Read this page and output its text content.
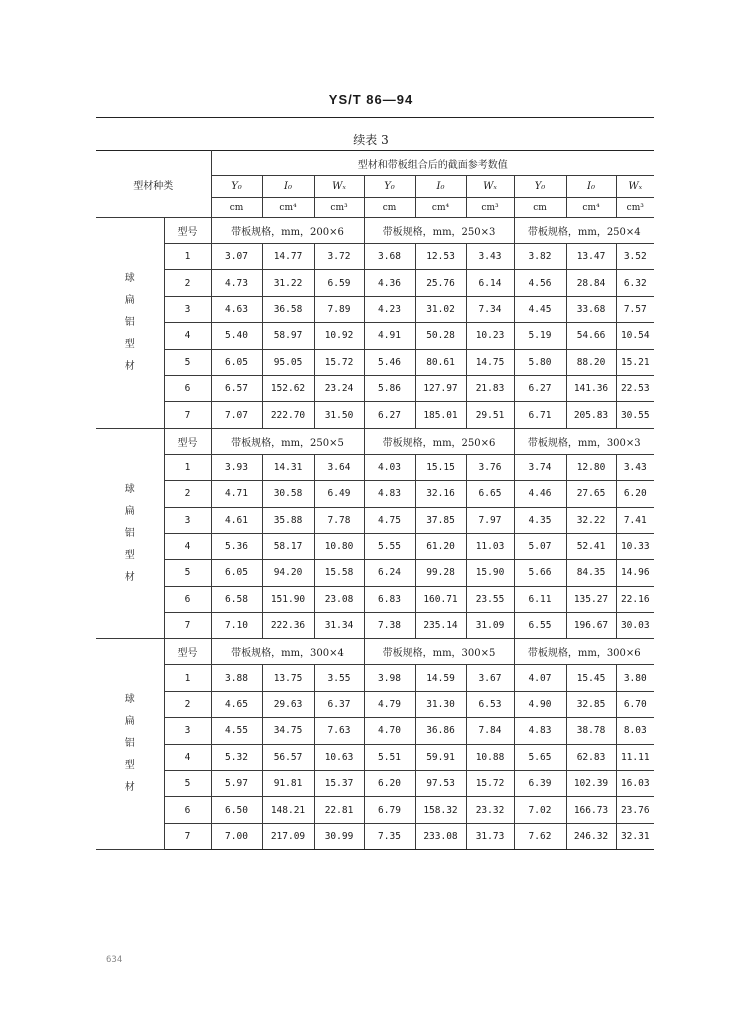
YS/T 86—94
续表 3
型材种类		型材和带板组合后的截面参考数值								
		Y₀	I₀	Wₓ	Y₀	I₀	Wₓ	Y₀	I₀	Wₓ
		cm	cm⁴	cm³	cm	cm⁴	cm³	cm	cm⁴	cm³

球
扁
铝
型
材	型号	带板规格，mm，200×6			带板规格，mm，250×3			带板规格，mm，250×4		
	1	3.07	14.77	3.72	3.68	12.53	3.43	3.82	13.47	3.52
	2	4.73	31.22	6.59	4.36	25.76	6.14	4.56	28.84	6.32
	3	4.63	36.58	7.89	4.23	31.02	7.34	4.45	33.68	7.57
	4	5.40	58.97	10.92	4.91	50.28	10.23	5.19	54.66	10.54
	5	6.05	95.05	15.72	5.46	80.61	14.75	5.80	88.20	15.21
	6	6.57	152.62	23.24	5.86	127.97	21.83	6.27	141.36	22.53
	7	7.07	222.70	31.50	6.27	185.01	29.51	6.71	205.83	30.55

球
扁
铝
型
材	型号	带板规格，mm，250×5			带板规格，mm，250×6			带板规格，mm，300×3		
	1	3.93	14.31	3.64	4.03	15.15	3.76	3.74	12.80	3.43
	2	4.71	30.58	6.49	4.83	32.16	6.65	4.46	27.65	6.20
	3	4.61	35.88	7.78	4.75	37.85	7.97	4.35	32.22	7.41
	4	5.36	58.17	10.80	5.55	61.20	11.03	5.07	52.41	10.33
	5	6.05	94.20	15.58	6.24	99.28	15.90	5.66	84.35	14.96
	6	6.58	151.90	23.08	6.83	160.71	23.55	6.11	135.27	22.16
	7	7.10	222.36	31.34	7.38	235.14	31.09	6.55	196.67	30.03

球
扁
铝
型
材	型号	带板规格，mm，300×4			带板规格，mm，300×5			带板规格，mm，300×6		
	1	3.88	13.75	3.55	3.98	14.59	3.67	4.07	15.45	3.80
	2	4.65	29.63	6.37	4.79	31.30	6.53	4.90	32.85	6.70
	3	4.55	34.75	7.63	4.70	36.86	7.84	4.83	38.78	8.03
	4	5.32	56.57	10.63	5.51	59.91	10.88	5.65	62.83	11.11
	5	5.97	91.81	15.37	6.20	97.53	15.72	6.39	102.39	16.03
	6	6.50	148.21	22.81	6.79	158.32	23.32	7.02	166.73	23.76
	7	7.00	217.09	30.99	7.35	233.08	31.73	7.62	246.32	32.31
634
